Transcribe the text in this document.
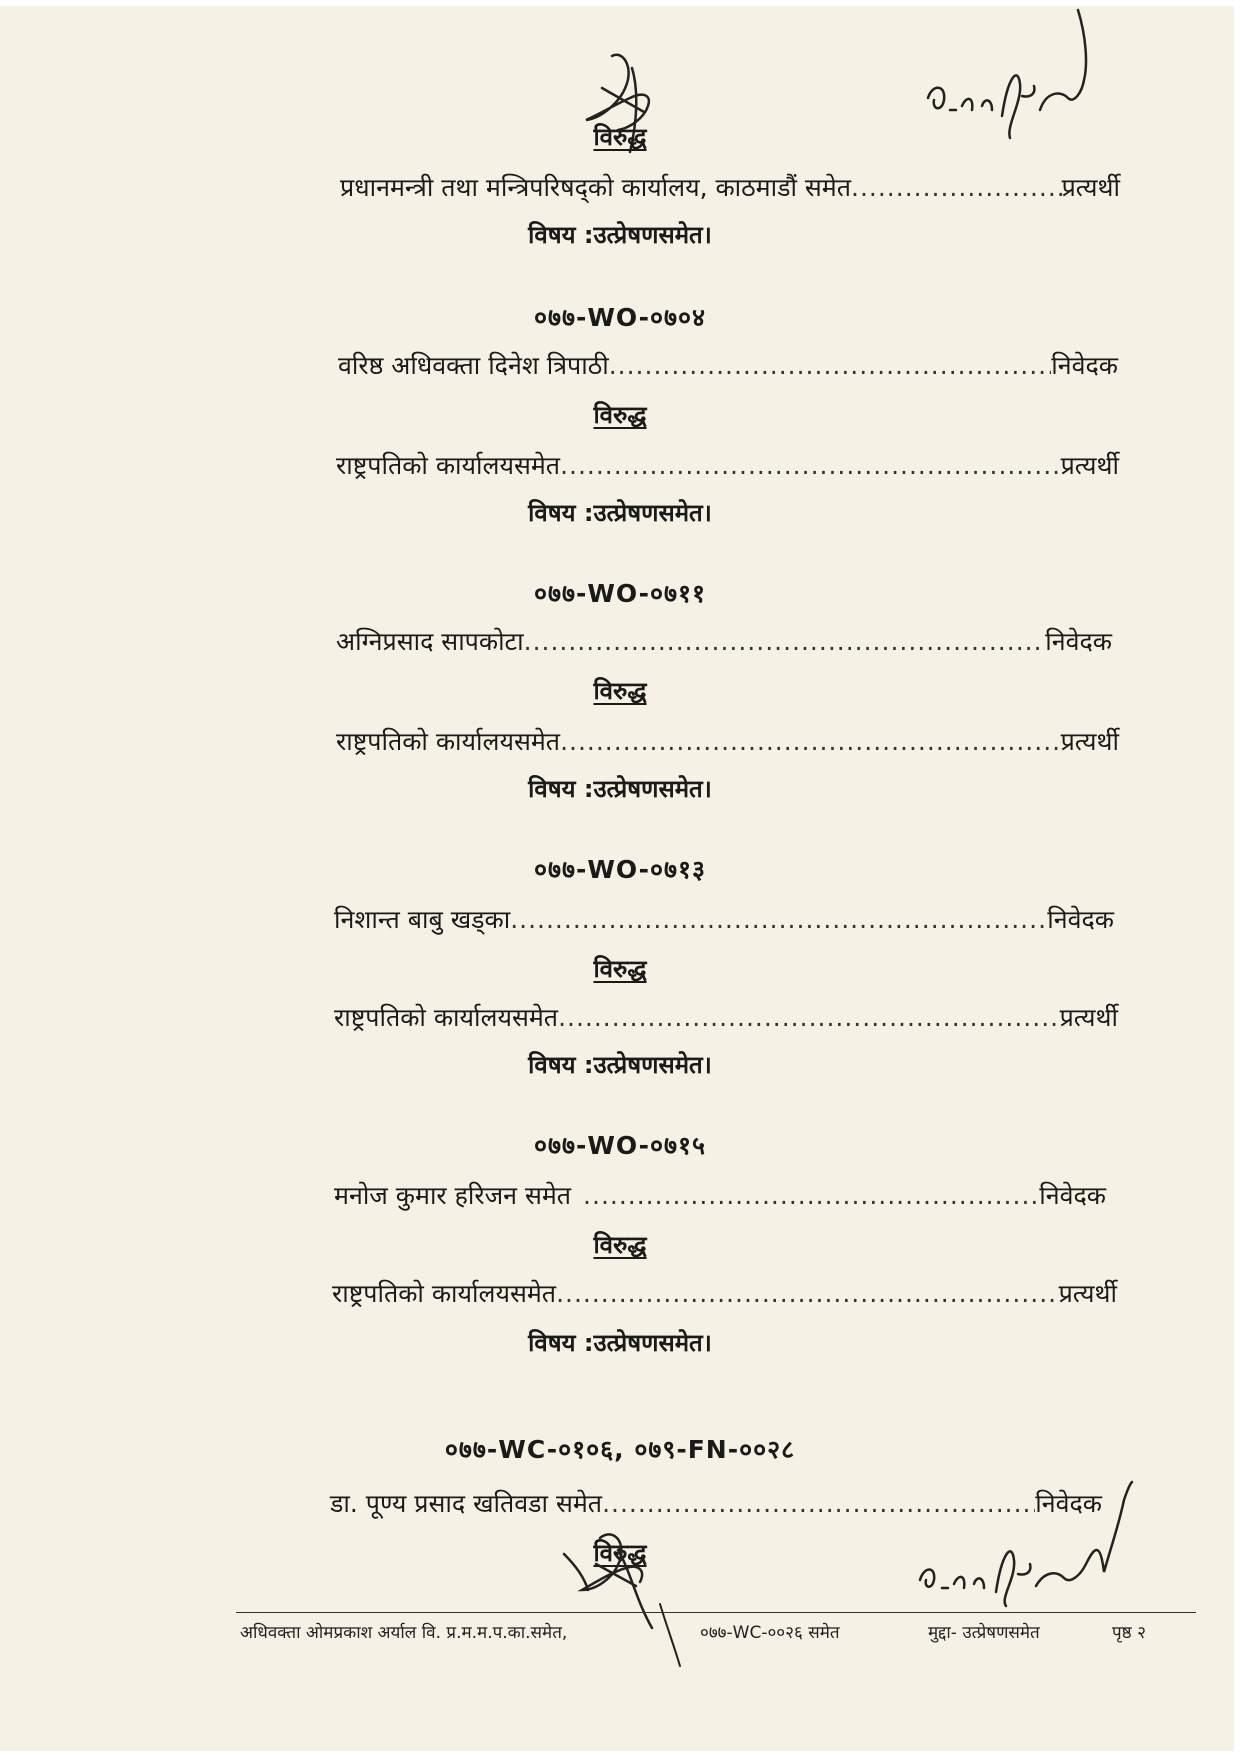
विरुद्ध
प्रधानमन्त्री तथा मन्त्रिपरिषद्‌को कार्यालय, काठमाडौं समेत .....	प्रत्यर्थी
विषय :उत्प्रेषणसमेत।
०७७-WO-०७०४
वरिष्ठ अधिवक्ता दिनेश त्रिपाठी .....	निवेदक
विरुद्ध
राष्ट्रपतिको कार्यालयसमेत .....	प्रत्यर्थी
विषय :उत्प्रेषणसमेत।
०७७-WO-०७११
अग्निप्रसाद सापकोटा .....	निवेदक
विरुद्ध
राष्ट्रपतिको कार्यालयसमेत .....	प्रत्यर्थी
विषय :उत्प्रेषणसमेत।
०७७-WO-०७१३
निशान्त बाबु खड्का .....	निवेदक
विरुद्ध
राष्ट्रपतिको कार्यालयसमेत .....	प्रत्यर्थी
विषय :उत्प्रेषणसमेत।
०७७-WO-०७१५
मनोज कुमार हरिजन समेत .....	निवेदक
विरुद्ध
राष्ट्रपतिको कार्यालयसमेत .....	प्रत्यर्थी
विषय :उत्प्रेषणसमेत।
०७७-WC-०१०६, ०७९-FN-००२८
डा. पूण्य प्रसाद खतिवडा समेत .....	निवेदक
विरुद्ध
अधिवक्ता ओमप्रकाश अर्याल वि. प्र.म.म.प.का.समेत,	०७७-WC-००२६ समेत	मुद्दा- उत्प्रेषणसमेत	पृष्ठ २
